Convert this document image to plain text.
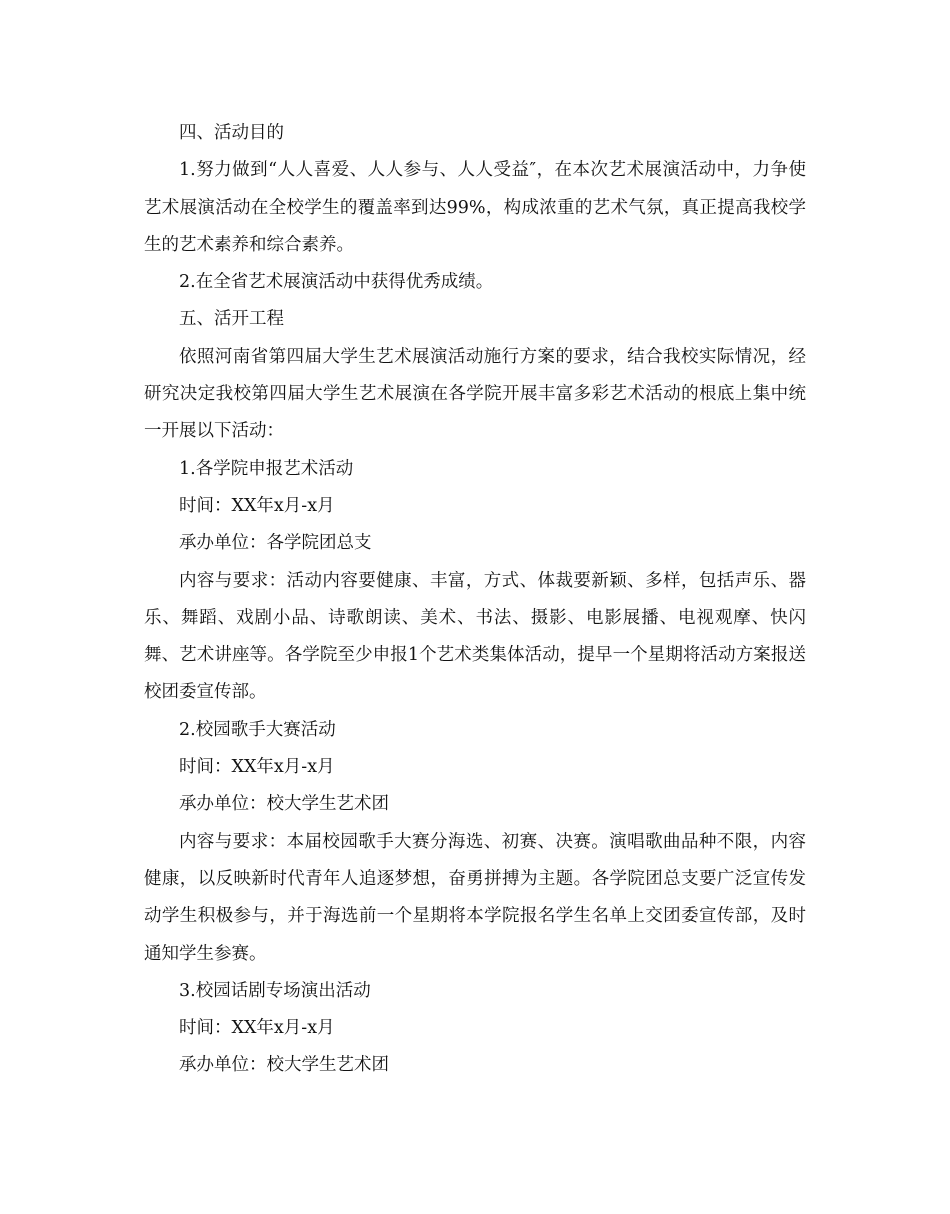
四、活动目的

1.努力做到“人人喜爱、人人参与、人人受益″，在本次艺术展演活动中，力争使艺术展演活动在全校学生的覆盖率到达99%，构成浓重的艺术气氛，真正提高我校学生的艺术素养和综合素养。

2.在全省艺术展演活动中获得优秀成绩。

五、活开工程

依照河南省第四届大学生艺术展演活动施行方案的要求，结合我校实际情况，经研究决定我校第四届大学生艺术展演在各学院开展丰富多彩艺术活动的根底上集中统一开展以下活动：

1.各学院申报艺术活动

时间：XX年x月-x月

承办单位：各学院团总支

内容与要求：活动内容要健康、丰富，方式、体裁要新颖、多样，包括声乐、器乐、舞蹈、戏剧小品、诗歌朗读、美术、书法、摄影、电影展播、电视观摩、快闪舞、艺术讲座等。各学院至少申报1个艺术类集体活动，提早一个星期将活动方案报送校团委宣传部。

2.校园歌手大赛活动

时间：XX年x月-x月

承办单位：校大学生艺术团

内容与要求：本届校园歌手大赛分海选、初赛、决赛。演唱歌曲品种不限，内容健康，以反映新时代青年人追逐梦想，奋勇拼搏为主题。各学院团总支要广泛宣传发动学生积极参与，并于海选前一个星期将本学院报名学生名单上交团委宣传部，及时通知学生参赛。

3.校园话剧专场演出活动

时间：XX年x月-x月

承办单位：校大学生艺术团
